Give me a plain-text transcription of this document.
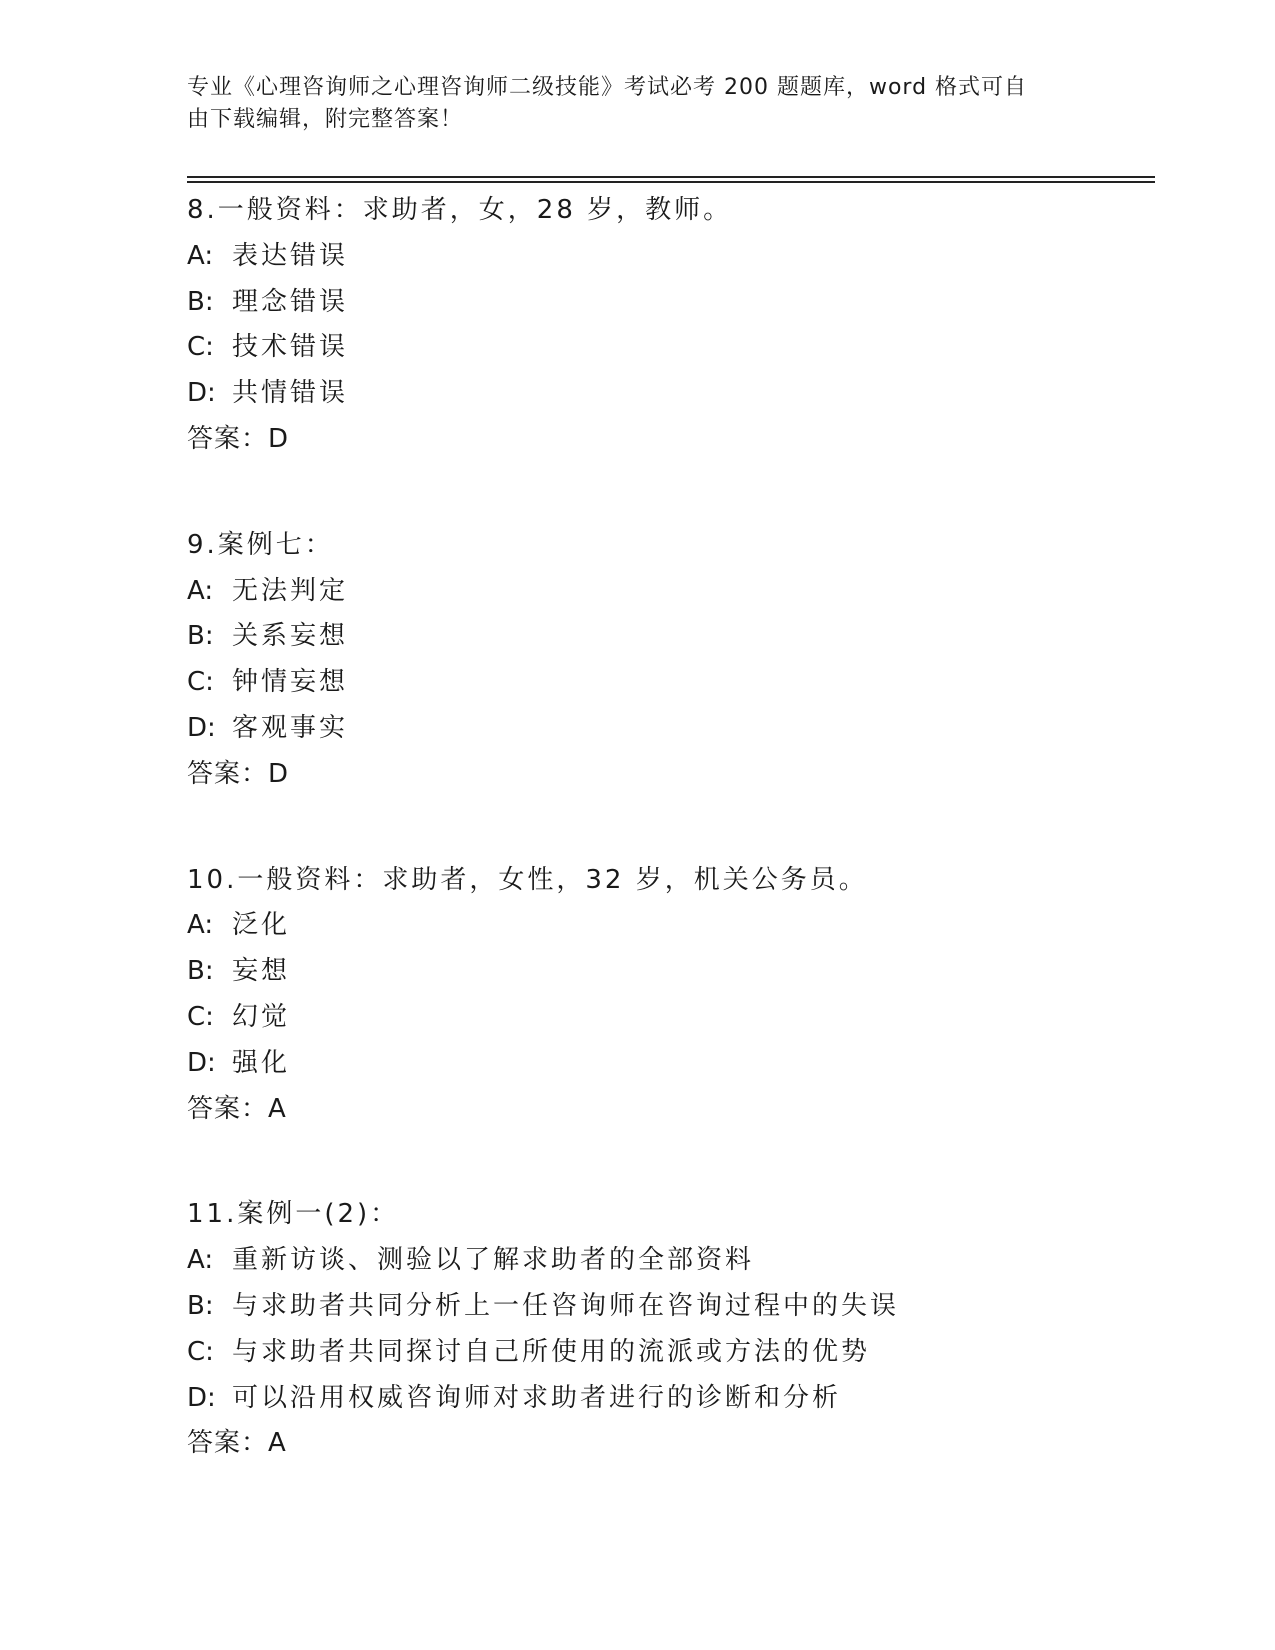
专业《心理咨询师之心理咨询师二级技能》考试必考 200 题题库，word 格式可自
由下载编辑，附完整答案！
8.一般资料：求助者，女，28 岁，教师。
A: 表达错误
B: 理念错误
C: 技术错误
D: 共情错误
答案：D
9.案例七：
A: 无法判定
B: 关系妄想
C: 钟情妄想
D: 客观事实
答案：D
10.一般资料：求助者，女性，32 岁，机关公务员。
A: 泛化
B: 妄想
C: 幻觉
D: 强化
答案：A
11.案例一(2)：
A: 重新访谈、测验以了解求助者的全部资料
B: 与求助者共同分析上一任咨询师在咨询过程中的失误
C: 与求助者共同探讨自己所使用的流派或方法的优势
D: 可以沿用权威咨询师对求助者进行的诊断和分析
答案：A
